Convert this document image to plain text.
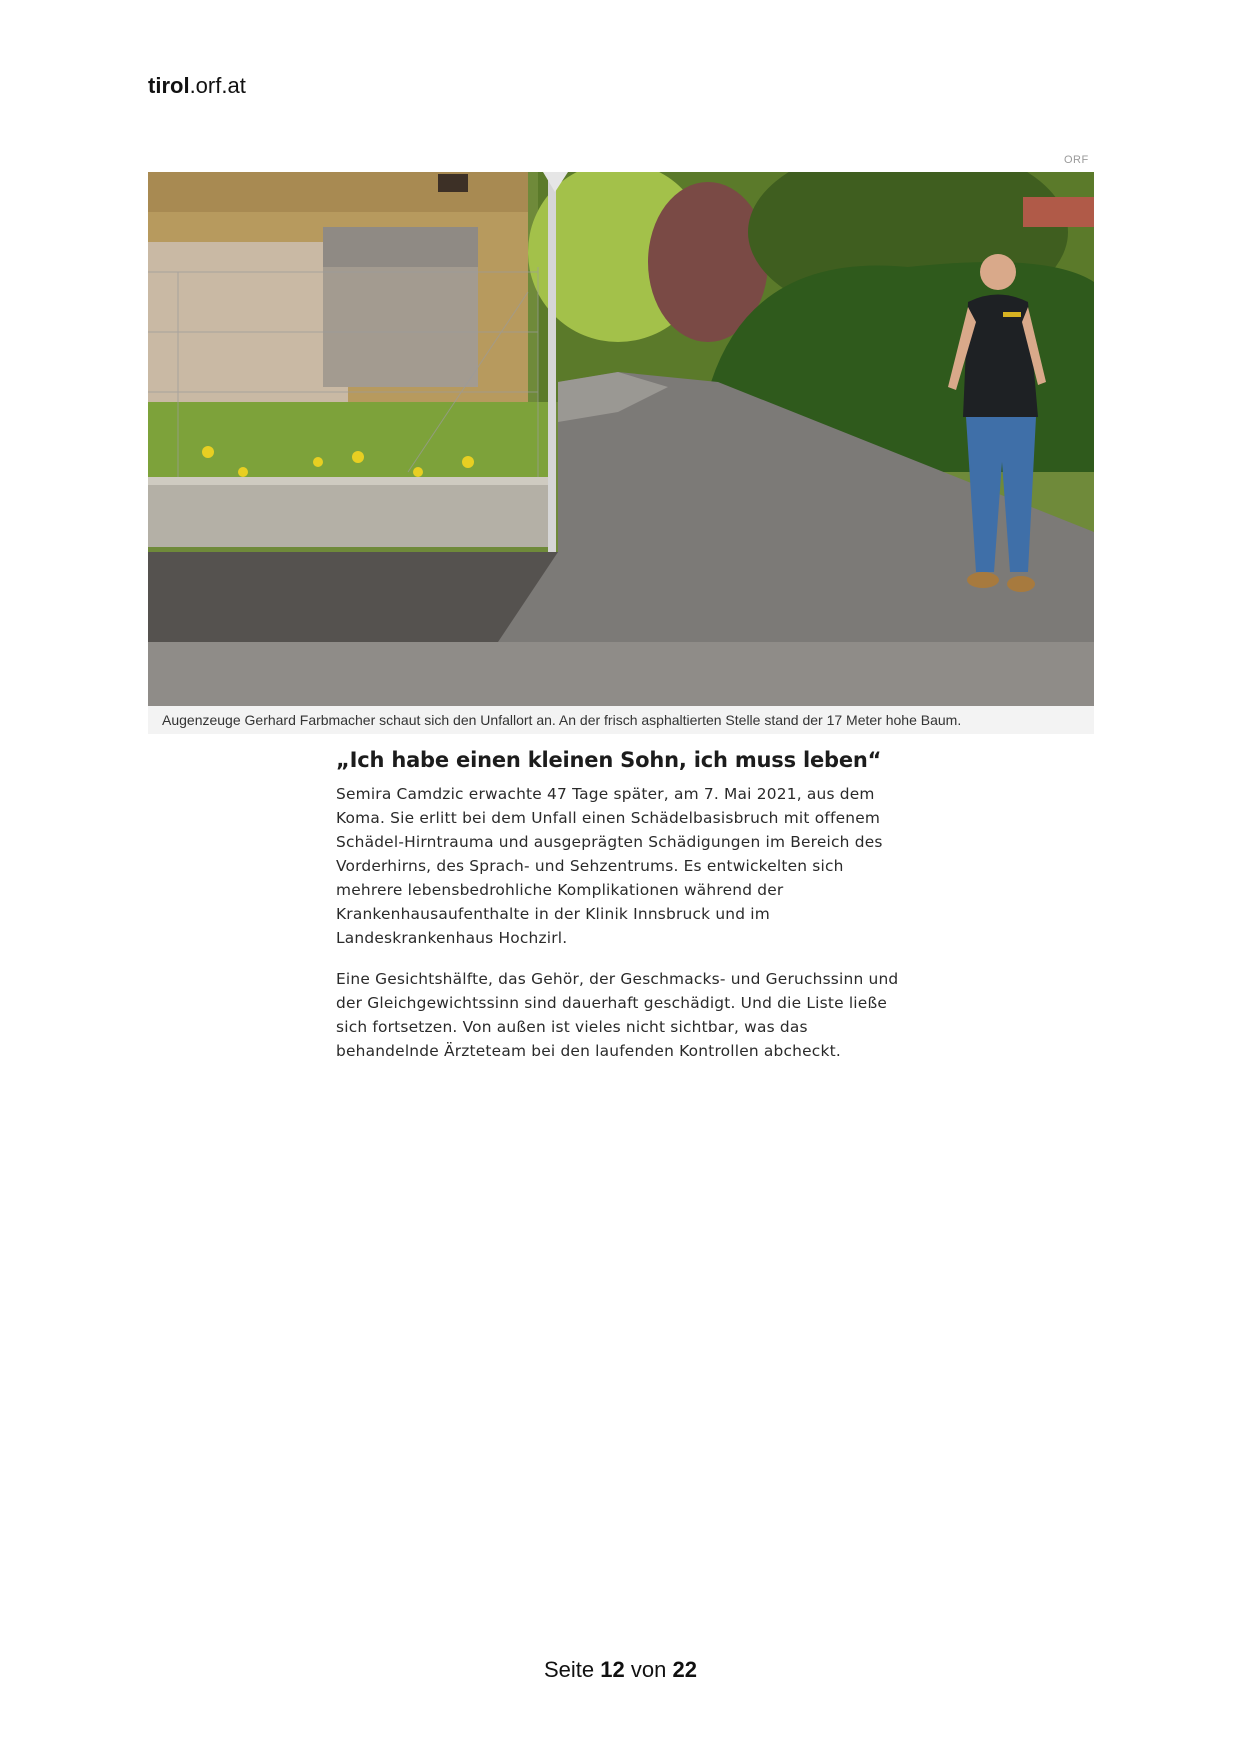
tirol.orf.at
ORF
Augenzeuge Gerhard Farbmacher schaut sich den Unfallort an. An der frisch asphaltierten Stelle stand der 17 Meter hohe Baum.
„Ich habe einen kleinen Sohn, ich muss leben“

Semira Camdzic erwachte 47 Tage später, am 7. Mai 2021, aus dem
Koma. Sie erlitt bei dem Unfall einen Schädelbasisbruch mit offenem
Schädel-Hirntrauma und ausgeprägten Schädigungen im Bereich des
Vorderhirns, des Sprach- und Sehzentrums. Es entwickelten sich
mehrere lebensbedrohliche Komplikationen während der
Krankenhausaufenthalte in der Klinik Innsbruck und im
Landeskrankenhaus Hochzirl.

Eine Gesichtshälfte, das Gehör, der Geschmacks- und Geruchssinn und
der Gleichgewichtssinn sind dauerhaft geschädigt. Und die Liste ließe
sich fortsetzen. Von außen ist vieles nicht sichtbar, was das
behandelnde Ärzteteam bei den laufenden Kontrollen abcheckt.

Seite 12 von 22
